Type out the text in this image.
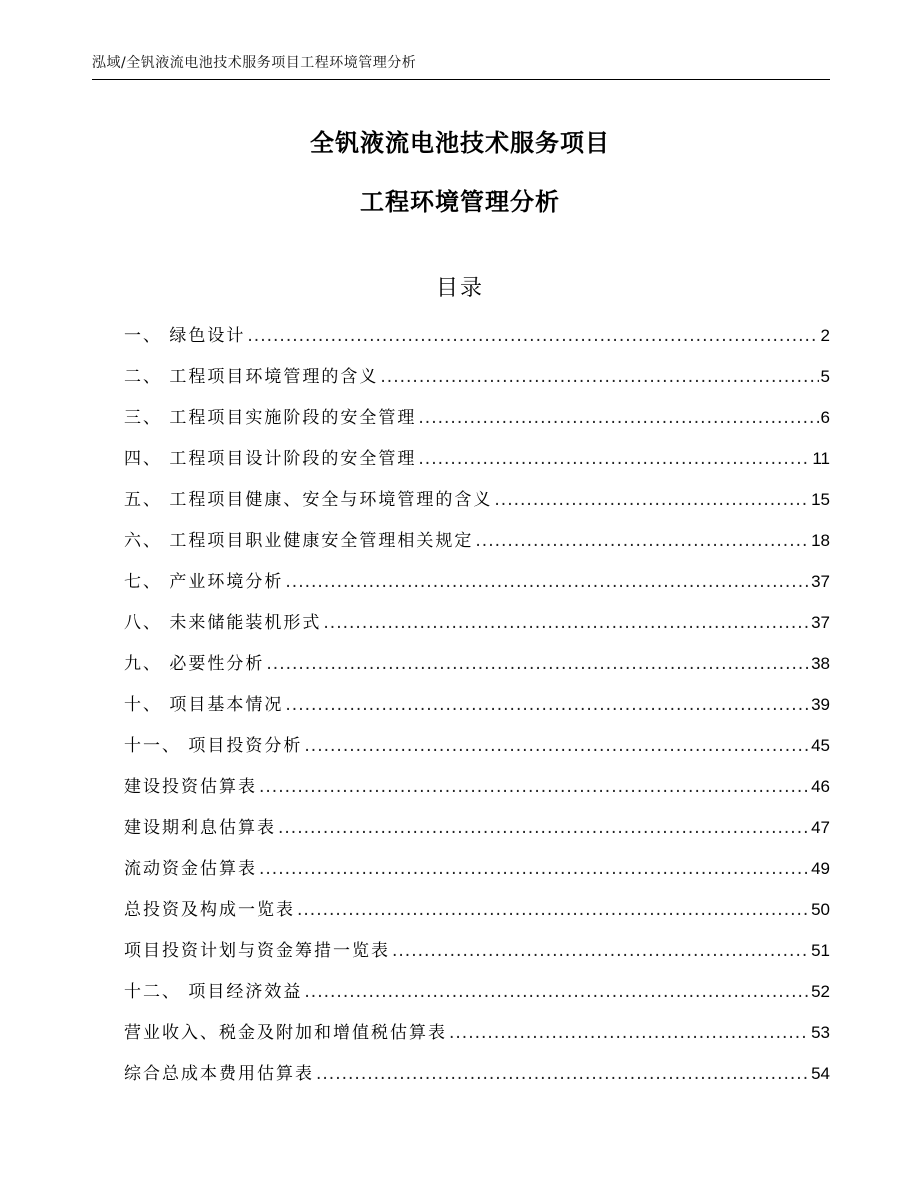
泓域/全钒液流电池技术服务项目工程环境管理分析
全钒液流电池技术服务项目
工程环境管理分析
目录
一、 绿色设计 .....	2
二、 工程项目环境管理的含义 .....	5
三、 工程项目实施阶段的安全管理 .....	6
四、 工程项目设计阶段的安全管理 .....	11
五、 工程项目健康、安全与环境管理的含义 .....	15
六、 工程项目职业健康安全管理相关规定 .....	18
七、 产业环境分析 .....	37
八、 未来储能装机形式 .....	37
九、 必要性分析 .....	38
十、 项目基本情况 .....	39
十一、 项目投资分析 .....	45
建设投资估算表 .....	46
建设期利息估算表 .....	47
流动资金估算表 .....	49
总投资及构成一览表 .....	50
项目投资计划与资金筹措一览表 .....	51
十二、 项目经济效益 .....	52
营业收入、税金及附加和增值税估算表 .....	53
综合总成本费用估算表 .....	54
